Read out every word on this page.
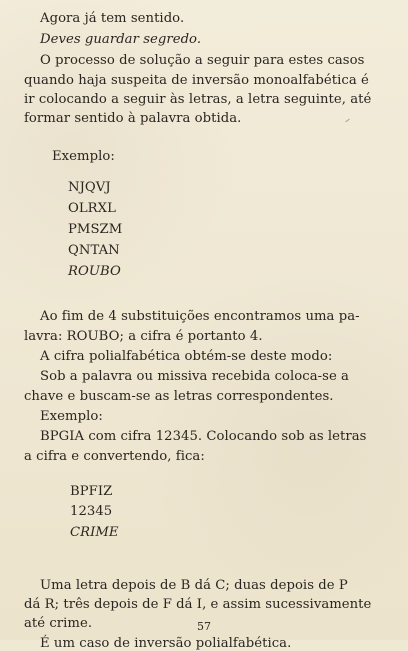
Agora já tem sentido.
Deves guardar segredo.
O processo de solução a seguir para estes casos
quando haja suspeita de inversão monoalfabética é
ir colocando a seguir às letras, a letra seguinte, até
formar sentido à palavra obtida.
Exemplo:
NJQVJ
OLRXL
PMSZM
QNTAN
ROUBO
Ao fim de 4 substituições encontramos uma pa-
lavra: ROUBO; a cifra é portanto 4.
A cifra polialfabética obtém-se deste modo:
Sob a palavra ou missiva recebida coloca-se a
chave e buscam-se as letras correspondentes.
Exemplo:
BPGIA com cifra 12345. Colocando sob as letras
a cifra e convertendo, fica:
BPFIZ
12345
CRIME
Uma letra depois de B dá C; duas depois de P
dá R; três depois de F dá I, e assim sucessivamente
até crime.
É um caso de inversão polialfabética.
57
